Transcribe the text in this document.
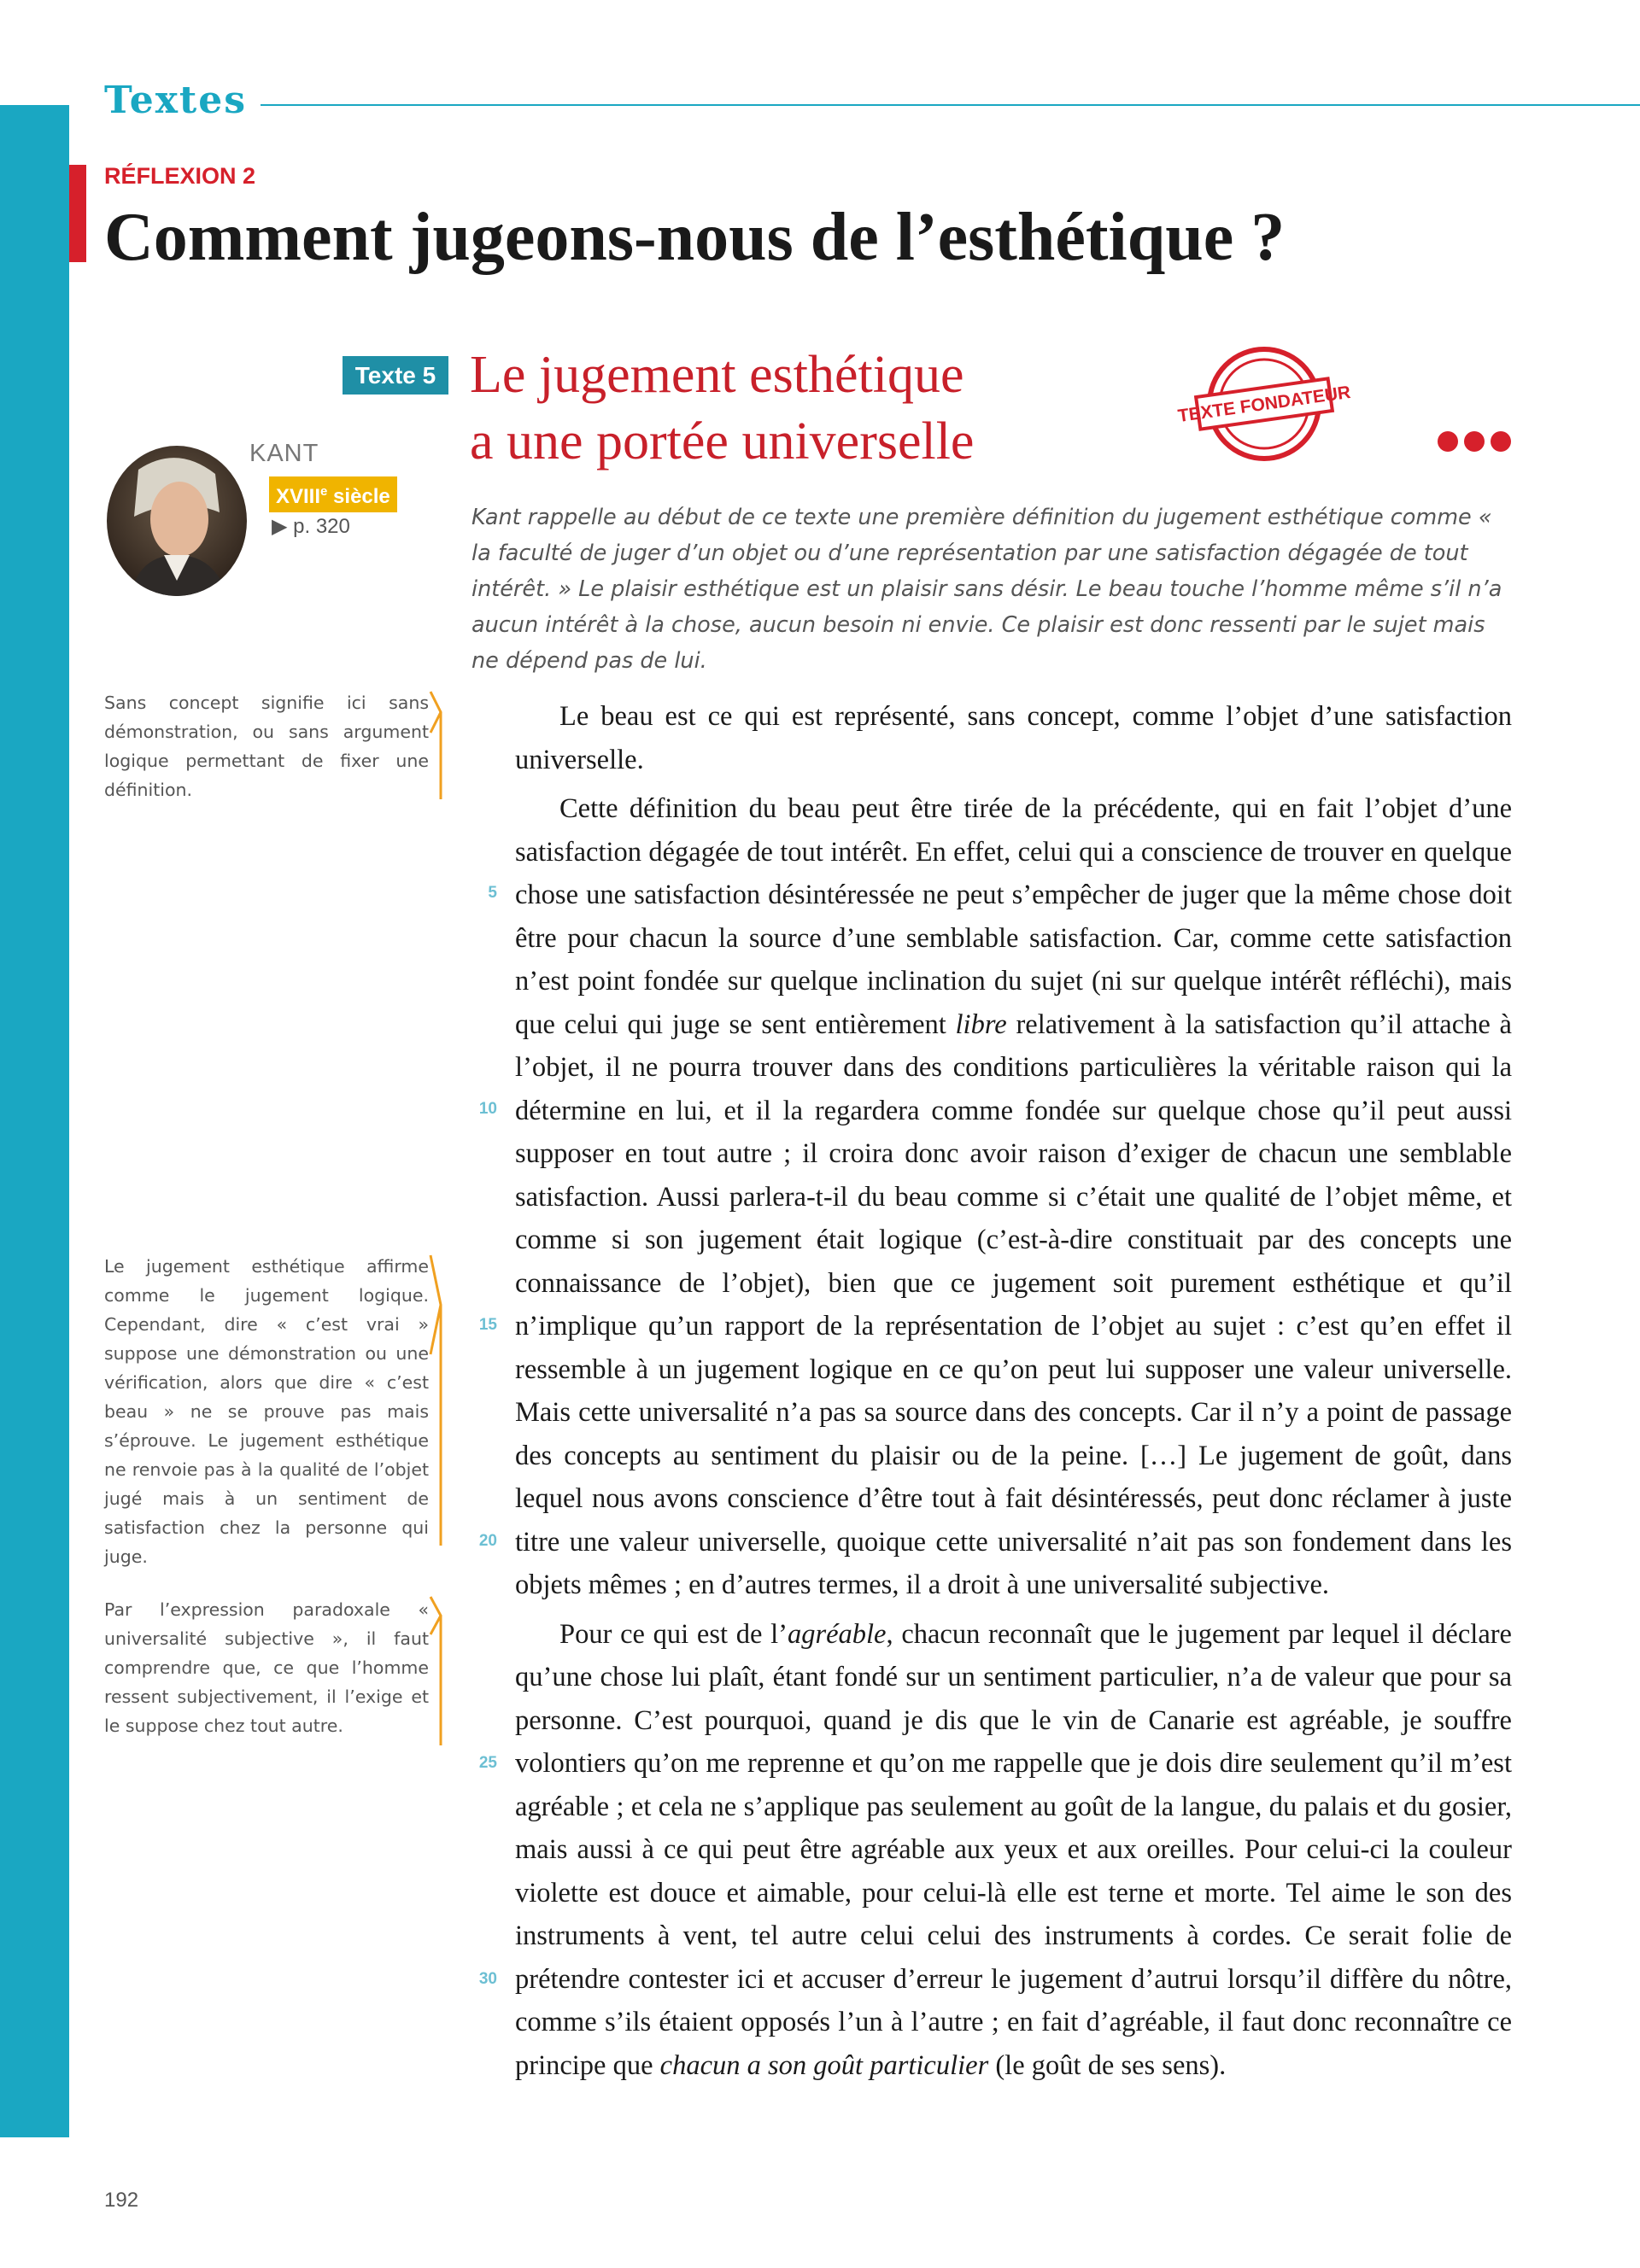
Textes
RÉFLEXION 2
Comment jugeons-nous de l’esthétique ?
Texte 5 Le jugement esthétique
a une portée universelle
TEXTE FONDATEUR
KANT
XVIIIe siècle
▶ p. 320	Kant rappelle au début de ce texte une première définition du jugement esthétique comme « la faculté de juger d’un objet ou d’une représentation par une satisfaction dégagée de tout intérêt. » Le plaisir esthétique est un plaisir sans désir. Le beau touche l’homme même s’il n’a aucun intérêt à la chose, aucun besoin ni envie. Ce plaisir est donc ressenti par le sujet mais ne dépend pas de lui.

Le beau est ce qui est représenté, sans concept, comme l’objet d’une satisfaction universelle.

Cette définition du beau peut être tirée de la précédente, qui en fait l’objet d’une satisfaction dégagée de tout intérêt. En effet, celui qui a conscience de trouver en quelque chose une satisfaction désintéressée ne peut s’empêcher de juger que la même chose doit être pour chacun la source d’une semblable satisfaction. Car, comme cette satisfaction n’est point fondée sur quelque inclination du sujet (ni sur quelque intérêt réfléchi), mais que celui qui juge se sent entièrement libre relativement à la satisfaction qu’il attache à l’objet, il ne pourra trouver dans des conditions particulières la véritable raison qui la détermine en lui, et il la regardera comme fondée sur quelque chose qu’il peut aussi supposer en tout autre ; il croira donc avoir raison d’exiger de chacun une semblable satisfaction. Aussi parlera-t-il du beau comme si c’était une qualité de l’objet même, et comme si son jugement était logique (c’est-à-dire constituait par des concepts une connaissance de l’objet), bien que ce jugement soit purement esthétique et qu’il n’implique qu’un rapport de la représentation de l’objet au sujet : c’est qu’en effet il ressemble à un jugement logique en ce qu’on peut lui supposer une valeur universelle. Mais cette universalité n’a pas sa source dans des concepts. Car il n’y a point de passage des concepts au sentiment du plaisir ou de la peine. […] Le jugement de goût, dans lequel nous avons conscience d’être tout à fait désintéressés, peut donc réclamer à juste titre une valeur universelle, quoique cette universalité n’ait pas son fondement dans les objets mêmes ; en d’autres termes, il a droit à une universalité subjective.

Pour ce qui est de l’agréable, chacun reconnaît que le jugement par lequel il déclare qu’une chose lui plaît, étant fondé sur un sentiment particulier, n’a de valeur que pour sa personne. C’est pourquoi, quand je dis que le vin de Canarie est agréable, je souffre volontiers qu’on me reprenne et qu’on me rappelle que je dois dire seulement qu’il m’est agréable ; et cela ne s’applique pas seulement au goût de la langue, du palais et du gosier, mais aussi à ce qui peut être agréable aux yeux et aux oreilles. Pour celui-ci la couleur violette est douce et aimable, pour celui-là elle est terne et morte. Tel aime le son des instruments à vent, tel autre celui celui des instruments à cordes. Ce serait folie de prétendre contester ici et accuser d’erreur le jugement d’autrui lorsqu’il diffère du nôtre, comme s’ils étaient opposés l’un à l’autre ; en fait d’agréable, il faut donc reconnaître ce principe que chacun a son goût particulier (le goût de ses sens).

5
10
15
20
25
30
Sans concept signifie ici sans démonstration, ou sans argument logique permettant de fixer une définition.
Le jugement esthétique affirme comme le jugement logique. Cependant, dire « c’est vrai » suppose une démonstration ou une vérification, alors que dire « c’est beau » ne se prouve pas mais s’éprouve. Le jugement esthétique ne renvoie pas à la qualité de l’objet jugé mais à un sentiment de satisfaction chez la personne qui juge.
Par l’expression paradoxale « universalité subjective », il faut comprendre que, ce que l’homme ressent subjectivement, il l’exige et le suppose chez tout autre.
192
